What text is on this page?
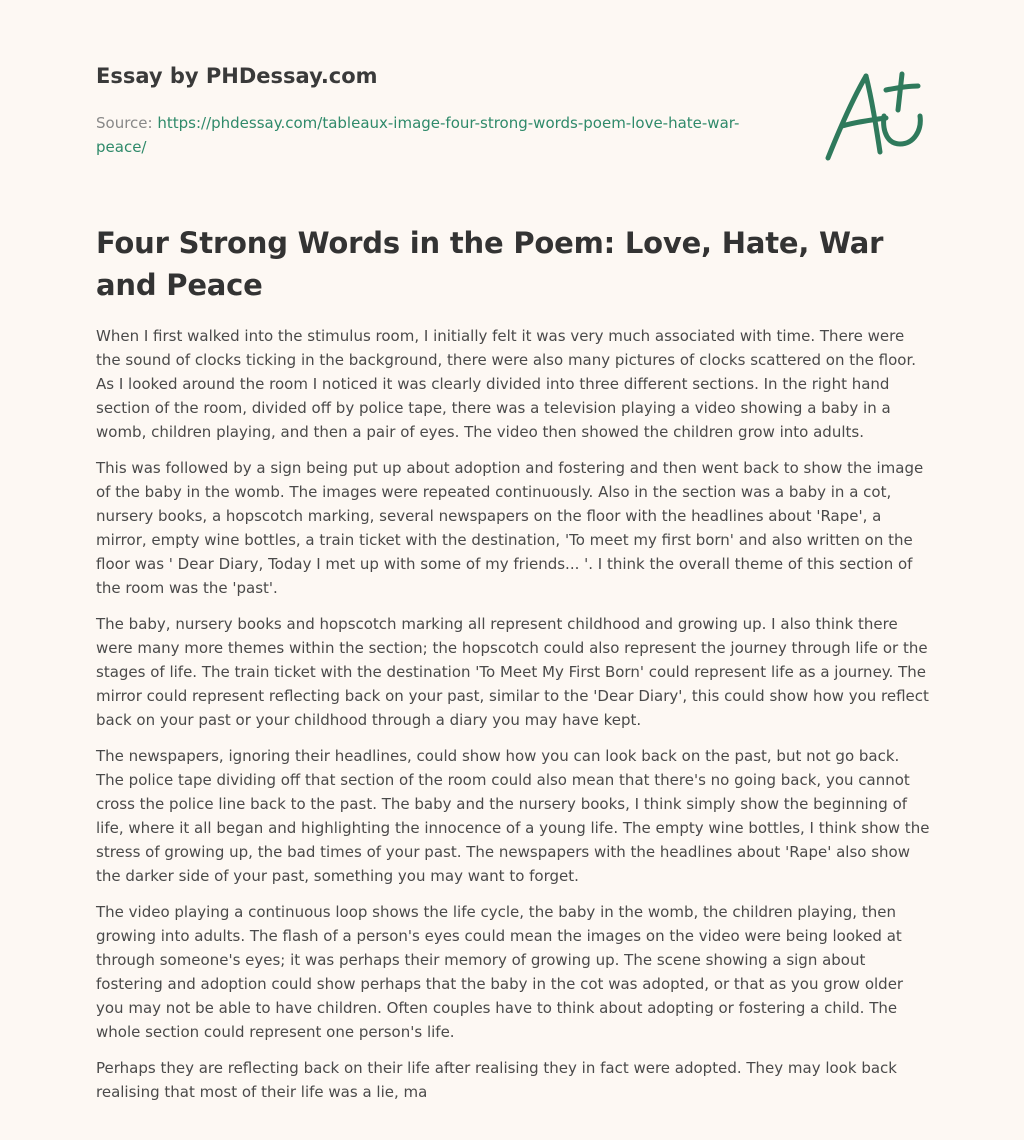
Essay by PHDessay.com
Source: https://phdessay.com/tableaux-image-four-strong-words-poem-love-hate-war-peace/
Four Strong Words in the Poem: Love, Hate, War and Peace

When I first walked into the stimulus room, I initially felt it was very much associated with time. There were the sound of clocks ticking in the background, there were also many pictures of clocks scattered on the floor. As I looked around the room I noticed it was clearly divided into three different sections. In the right hand section of the room, divided off by police tape, there was a television playing a video showing a baby in a womb, children playing, and then a pair of eyes. The video then showed the children grow into adults.

This was followed by a sign being put up about adoption and fostering and then went back to show the image of the baby in the womb. The images were repeated continuously. Also in the section was a baby in a cot, nursery books, a hopscotch marking, several newspapers on the floor with the headlines about 'Rape', a mirror, empty wine bottles, a train ticket with the destination, 'To meet my first born' and also written on the floor was ' Dear Diary, Today I met up with some of my friends... '. I think the overall theme of this section of the room was the 'past'.

The baby, nursery books and hopscotch marking all represent childhood and growing up. I also think there were many more themes within the section; the hopscotch could also represent the journey through life or the stages of life. The train ticket with the destination 'To Meet My First Born' could represent life as a journey. The mirror could represent reflecting back on your past, similar to the 'Dear Diary', this could show how you reflect back on your past or your childhood through a diary you may have kept.

The newspapers, ignoring their headlines, could show how you can look back on the past, but not go back. The police tape dividing off that section of the room could also mean that there's no going back, you cannot cross the police line back to the past. The baby and the nursery books, I think simply show the beginning of life, where it all began and highlighting the innocence of a young life. The empty wine bottles, I think show the stress of growing up, the bad times of your past. The newspapers with the headlines about 'Rape' also show the darker side of your past, something you may want to forget.

The video playing a continuous loop shows the life cycle, the baby in the womb, the children playing, then growing into adults. The flash of a person's eyes could mean the images on the video were being looked at through someone's eyes; it was perhaps their memory of growing up. The scene showing a sign about fostering and adoption could show perhaps that the baby in the cot was adopted, or that as you grow older you may not be able to have children. Often couples have to think about adopting or fostering a child. The whole section could represent one person's life.

Perhaps they are reflecting back on their life after realising they in fact were adopted. They may look back realising that most of their life was a lie, ma
